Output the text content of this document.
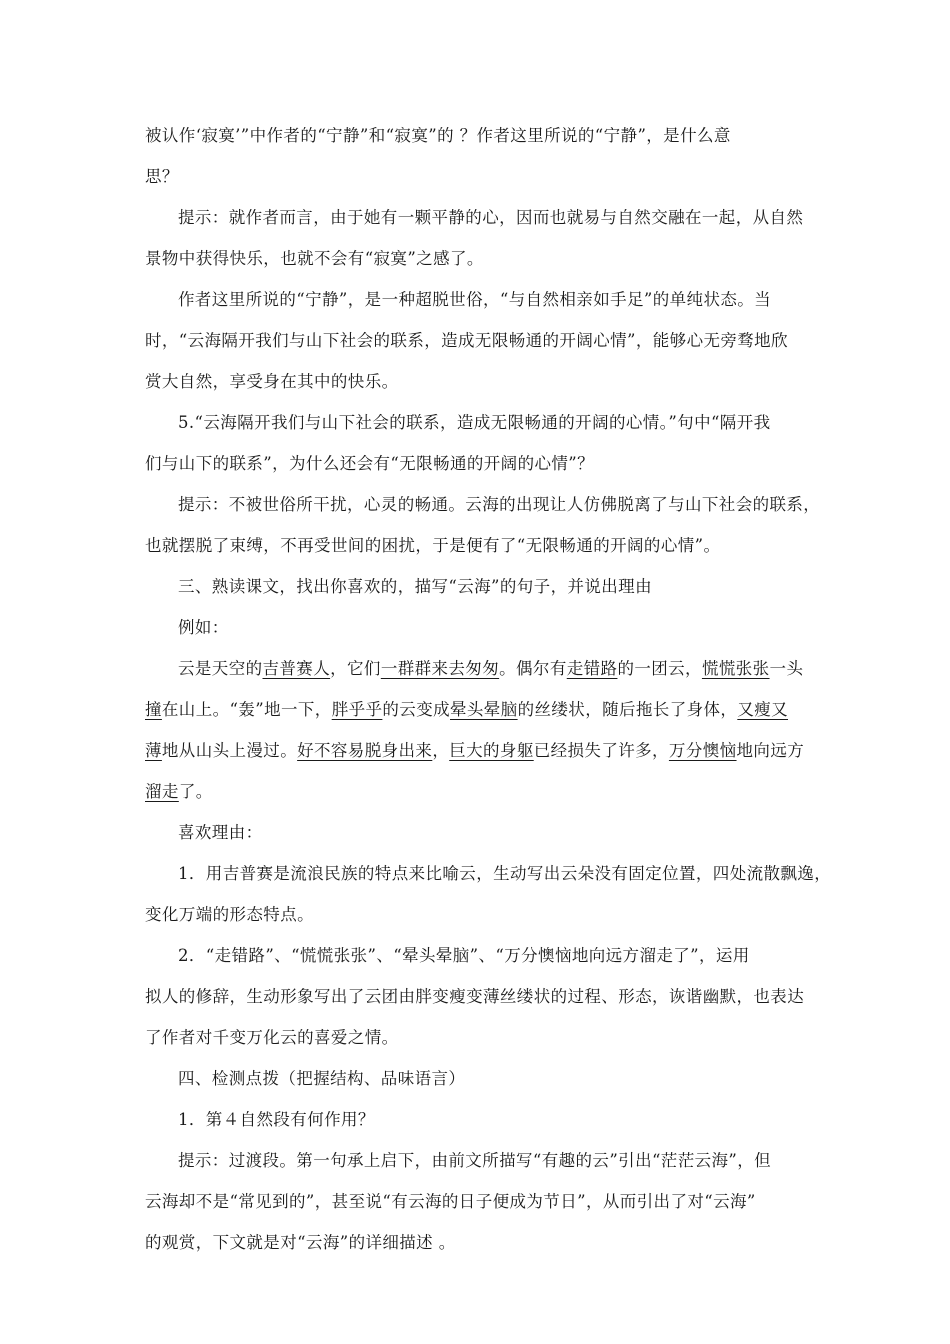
被认作‘寂寞’”中作者的“宁静”和“寂寞”的 ？作者这里所说的“宁静”，是什么意
思？
提示：就作者而言，由于她有一颗平静的心，因而也就易与自然交融在一起，从自然
景物中获得快乐，也就不会有“寂寞”之感了。
作者这里所说的“宁静”，是一种超脱世俗，“与自然相亲如手足”的单纯状态。当
时，“云海隔开我们与山下社会的联系，造成无限畅通的开阔心情”，能够心无旁骛地欣
赏大自然，享受身在其中的快乐。
5.“云海隔开我们与山下社会的联系，造成无限畅通的开阔的心情。”句中“隔开我
们与山下的联系”，为什么还会有“无限畅通的开阔的心情”？
提示：不被世俗所干扰，心灵的畅通。云海的出现让人仿佛脱离了与山下社会的联系，
也就摆脱了束缚，不再受世间的困扰，于是便有了“无限畅通的开阔的心情”。
三、熟读课文，找出你喜欢的，描写“云海”的句子，并说出理由
例如：
云是天空的吉普赛人，它们一群群来去匆匆。偶尔有走错路的一团云，慌慌张张一头
撞在山上。“轰”地一下，胖乎乎的云变成晕头晕脑的丝缕状，随后拖长了身体，又瘦又
薄地从山头上漫过。好不容易脱身出来，巨大的身躯已经损失了许多，万分懊恼地向远方
溜走了。
喜欢理由：
1．用吉普赛是流浪民族的特点来比喻云，生动写出云朵没有固定位置，四处流散飘逸，
变化万端的形态特点。
2．“走错路”、“慌慌张张”、“晕头晕脑”、“万分懊恼地向远方溜走了”，运用
拟人的修辞，生动形象写出了云团由胖变瘦变薄丝缕状的过程、形态，诙谐幽默，也表达
了作者对千变万化云的喜爱之情。
四、检测点拨（把握结构、品味语言）
1．第４自然段有何作用？
提示：过渡段。第一句承上启下，由前文所描写“有趣的云”引出“茫茫云海”，但
云海却不是“常见到的”，甚至说“有云海的日子便成为节日”，从而引出了对“云海”
的观赏，下文就是对“云海”的详细描述 。
